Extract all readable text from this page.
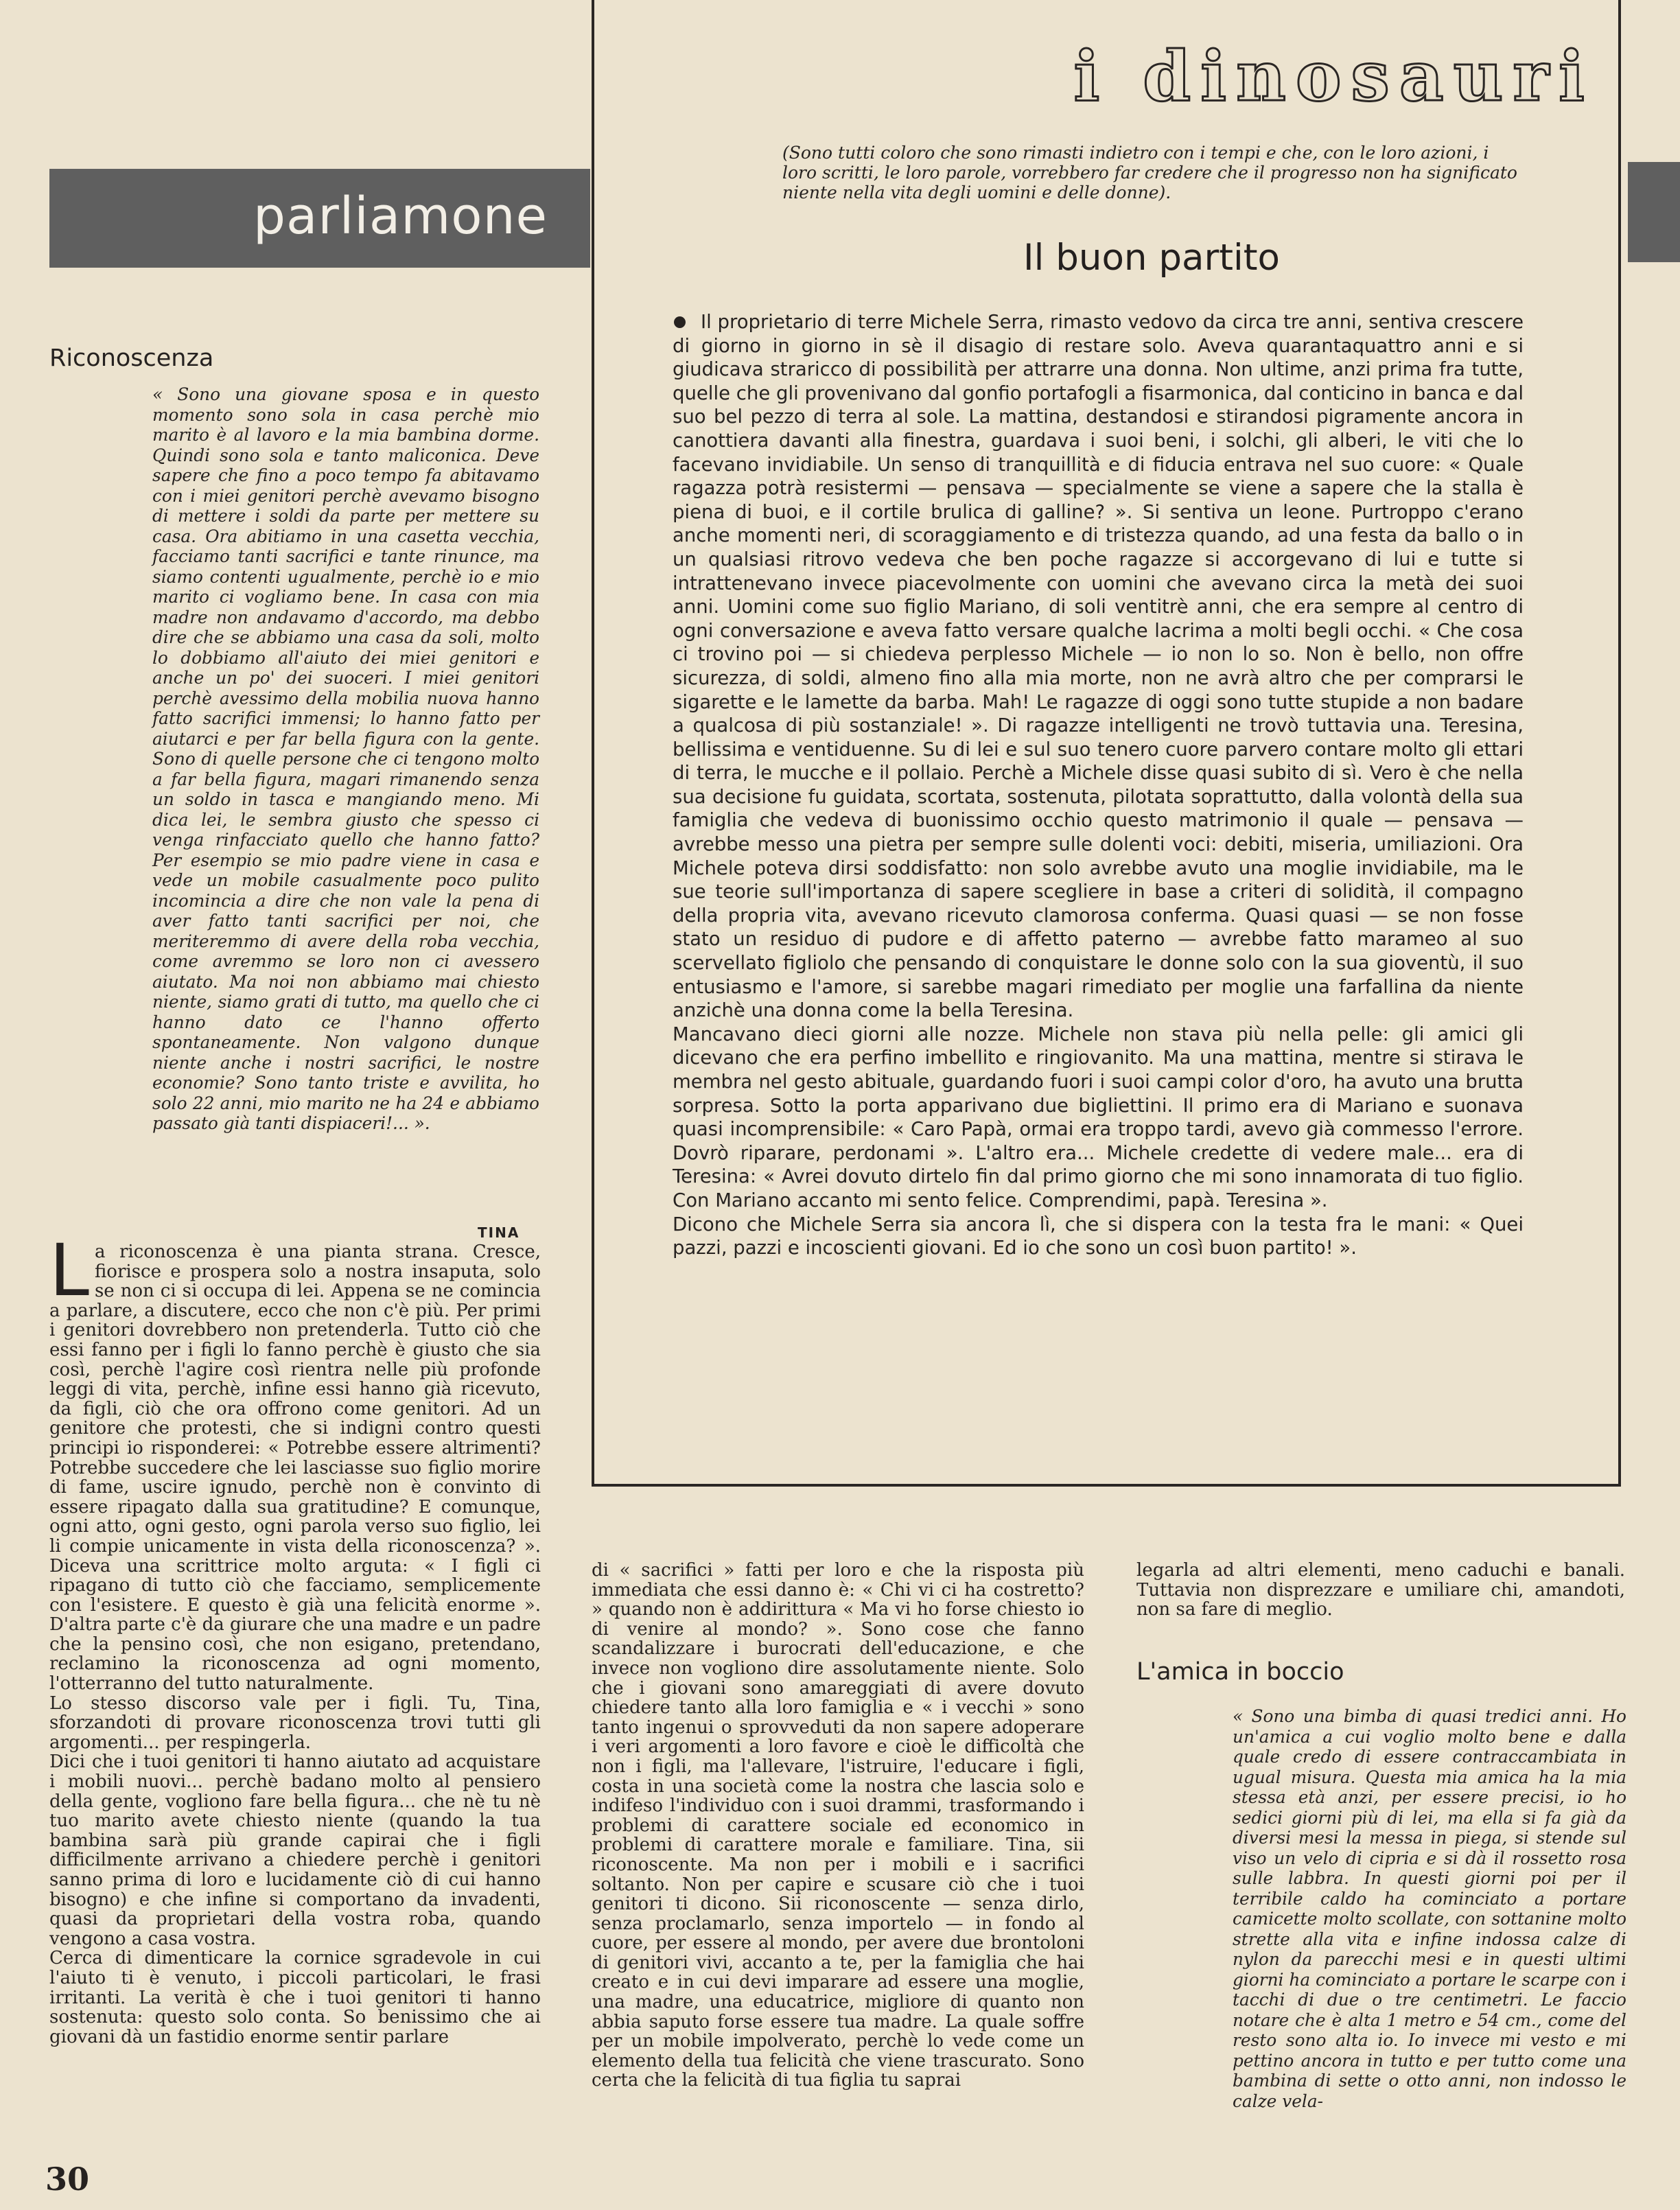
parliamone
i dinosauri
(Sono tutti coloro che sono rimasti indietro con i tempi e che, con le loro azioni, i loro scritti, le loro parole, vorrebbero far credere che il progresso non ha significato niente nella vita degli uomini e delle donne).
Il buon partito

Il proprietario di terre Michele Serra, rimasto vedovo da circa tre anni, sentiva crescere di giorno in giorno in sè il disagio di restare solo. Aveva quarantaquattro anni e si giudicava straricco di possibilità per attrarre una donna. Non ultime, anzi prima fra tutte, quelle che gli provenivano dal gonfio portafogli a fisarmonica, dal conticino in banca e dal suo bel pezzo di terra al sole. La mattina, destandosi e stirandosi pigramente ancora in canottiera davanti alla finestra, guardava i suoi beni, i solchi, gli alberi, le viti che lo facevano invidiabile. Un senso di tranquillità e di fiducia entrava nel suo cuore: « Quale ragazza potrà resistermi — pensava — specialmente se viene a sapere che la stalla è piena di buoi, e il cortile brulica di galline? ». Si sentiva un leone. Purtroppo c'erano anche momenti neri, di scoraggiamento e di tristezza quando, ad una festa da ballo o in un qualsiasi ritrovo vedeva che ben poche ragazze si accorgevano di lui e tutte si intrattenevano invece piacevolmente con uomini che avevano circa la metà dei suoi anni. Uomini come suo figlio Mariano, di soli ventitrè anni, che era sempre al centro di ogni conversazione e aveva fatto versare qualche lacrima a molti begli occhi. « Che cosa ci trovino poi — si chiedeva perplesso Michele — io non lo so. Non è bello, non offre sicurezza, di soldi, almeno fino alla mia morte, non ne avrà altro che per comprarsi le sigarette e le lamette da barba. Mah! Le ragazze di oggi sono tutte stupide a non badare a qualcosa di più sostanziale! ». Di ragazze intelligenti ne trovò tuttavia una. Teresina, bellissima e ventiduenne. Su di lei e sul suo tenero cuore parvero contare molto gli ettari di terra, le mucche e il pollaio. Perchè a Michele disse quasi subito di sì. Vero è che nella sua decisione fu guidata, scortata, sostenuta, pilotata soprattutto, dalla volontà della sua famiglia che vedeva di buonissimo occhio questo matrimonio il quale — pensava — avrebbe messo una pietra per sempre sulle dolenti voci: debiti, miseria, umiliazioni. Ora Michele poteva dirsi soddisfatto: non solo avrebbe avuto una moglie invidiabile, ma le sue teorie sull'importanza di sapere scegliere in base a criteri di solidità, il compagno della propria vita, avevano ricevuto clamorosa conferma. Quasi quasi — se non fosse stato un residuo di pudore e di affetto paterno — avrebbe fatto marameo al suo scervellato figliolo che pensando di conquistare le donne solo con la sua gioventù, il suo entusiasmo e l'amore, si sarebbe magari rimediato per moglie una farfallina da niente anzichè una donna come la bella Teresina.

Mancavano dieci giorni alle nozze. Michele non stava più nella pelle: gli amici gli dicevano che era perfino imbellito e ringiovanito. Ma una mattina, mentre si stirava le membra nel gesto abituale, guardando fuori i suoi campi color d'oro, ha avuto una brutta sorpresa. Sotto la porta apparivano due bigliettini. Il primo era di Mariano e suonava quasi incomprensibile: « Caro Papà, ormai era troppo tardi, avevo già commesso l'errore. Dovrò riparare, perdonami ». L'altro era... Michele credette di vedere male... era di Teresina: « Avrei dovuto dirtelo fin dal primo giorno che mi sono innamorata di tuo figlio. Con Mariano accanto mi sento felice. Comprendimi, papà. Teresina ».

Dicono che Michele Serra sia ancora lì, che si dispera con la testa fra le mani: « Quei pazzi, pazzi e incoscienti giovani. Ed io che sono un così buon partito! ».

Riconoscenza

« Sono una giovane sposa e in questo momento sono sola in casa perchè mio marito è al lavoro e la mia bambina dorme. Quindi sono sola e tanto maliconica. Deve sapere che fino a poco tempo fa abitavamo con i miei genitori perchè avevamo bisogno di mettere i soldi da parte per mettere su casa. Ora abitiamo in una casetta vecchia, facciamo tanti sacrifici e tante rinunce, ma siamo contenti ugualmente, perchè io e mio marito ci vogliamo bene. In casa con mia madre non andavamo d'accordo, ma debbo dire che se abbiamo una casa da soli, molto lo dobbiamo all'aiuto dei miei genitori e anche un po' dei suoceri. I miei genitori perchè avessimo della mobilia nuova hanno fatto sacrifici immensi; lo hanno fatto per aiutarci e per far bella figura con la gente. Sono di quelle persone che ci tengono molto a far bella figura, magari rimanendo senza un soldo in tasca e mangiando meno. Mi dica lei, le sembra giusto che spesso ci venga rinfacciato quello che hanno fatto? Per esempio se mio padre viene in casa e vede un mobile casualmente poco pulito incomincia a dire che non vale la pena di aver fatto tanti sacrifici per noi, che meriteremmo di avere della roba vecchia, come avremmo se loro non ci avessero aiutato. Ma noi non abbiamo mai chiesto niente, siamo grati di tutto, ma quello che ci hanno dato ce l'hanno offerto spontaneamente. Non valgono dunque niente anche i nostri sacrifici, le nostre economie? Sono tanto triste e avvilita, ho solo 22 anni, mio marito ne ha 24 e abbiamo passato già tanti dispiaceri!... ».

TINA

La riconoscenza è una pianta strana. Cresce, fiorisce e prospera solo a nostra insaputa, solo se non ci si occupa di lei. Appena se ne comincia a parlare, a discutere, ecco che non c'è più. Per primi i genitori dovrebbero non pretenderla. Tutto ciò che essi fanno per i figli lo fanno perchè è giusto che sia così, perchè l'agire così rientra nelle più profonde leggi di vita, perchè, infine essi hanno già ricevuto, da figli, ciò che ora offrono come genitori. Ad un genitore che protesti, che si indigni contro questi principi io risponderei: « Potrebbe essere altrimenti? Potrebbe succedere che lei lasciasse suo figlio morire di fame, uscire ignudo, perchè non è convinto di essere ripagato dalla sua gratitudine? E comunque, ogni atto, ogni gesto, ogni parola verso suo figlio, lei li compie unicamente in vista della riconoscenza? ». Diceva una scrittrice molto arguta: « I figli ci ripagano di tutto ciò che facciamo, semplicemente con l'esistere. E questo è già una felicità enorme ». D'altra parte c'è da giurare che una madre e un padre che la pensino così, che non esigano, pretendano, reclamino la riconoscenza ad ogni momento, l'otterranno del tutto naturalmente.

Lo stesso discorso vale per i figli. Tu, Tina, sforzandoti di provare riconoscenza trovi tutti gli argomenti... per respingerla.

Dici che i tuoi genitori ti hanno aiutato ad acquistare i mobili nuovi... perchè badano molto al pensiero della gente, vogliono fare bella figura... che nè tu nè tuo marito avete chiesto niente (quando la tua bambina sarà più grande capirai che i figli difficilmente arrivano a chiedere perchè i genitori sanno prima di loro e lucidamente ciò di cui hanno bisogno) e che infine si comportano da invadenti, quasi da proprietari della vostra roba, quando vengono a casa vostra.

Cerca di dimenticare la cornice sgradevole in cui l'aiuto ti è venuto, i piccoli particolari, le frasi irritanti. La verità è che i tuoi genitori ti hanno sostenuta: questo solo conta. So benissimo che ai giovani dà un fastidio enorme sentir parlare

di « sacrifici » fatti per loro e che la risposta più immediata che essi danno è: « Chi vi ci ha costretto? » quando non è addirittura « Ma vi ho forse chiesto io di venire al mondo? ». Sono cose che fanno scandalizzare i burocrati dell'educazione, e che invece non vogliono dire assolutamente niente. Solo che i giovani sono amareggiati di avere dovuto chiedere tanto alla loro famiglia e « i vecchi » sono tanto ingenui o sprovveduti da non sapere adoperare i veri argomenti a loro favore e cioè le difficoltà che non i figli, ma l'allevare, l'istruire, l'educare i figli, costa in una società come la nostra che lascia solo e indifeso l'individuo con i suoi drammi, trasformando i problemi di carattere sociale ed economico in problemi di carattere morale e familiare. Tina, sii riconoscente. Ma non per i mobili e i sacrifici soltanto. Non per capire e scusare ciò che i tuoi genitori ti dicono. Sii riconoscente — senza dirlo, senza proclamarlo, senza importelo — in fondo al cuore, per essere al mondo, per avere due brontoloni di genitori vivi, accanto a te, per la famiglia che hai creato e in cui devi imparare ad essere una moglie, una madre, una educatrice, migliore di quanto non abbia saputo forse essere tua madre. La quale soffre per un mobile impolverato, perchè lo vede come un elemento della tua felicità che viene trascurato. Sono certa che la felicità di tua figlia tu saprai

legarla ad altri elementi, meno caduchi e banali. Tuttavia non disprezzare e umiliare chi, amandoti, non sa fare di meglio.

L'amica in boccio

« Sono una bimba di quasi tredici anni. Ho un'amica a cui voglio molto bene e dalla quale credo di essere contraccambiata in ugual misura. Questa mia amica ha la mia stessa età anzi, per essere precisi, io ho sedici giorni più di lei, ma ella si fa già da diversi mesi la messa in piega, si stende sul viso un velo di cipria e si dà il rossetto rosa sulle labbra. In questi giorni poi per il terribile caldo ha cominciato a portare camicette molto scollate, con sottanine molto strette alla vita e infine indossa calze di nylon da parecchi mesi e in questi ultimi giorni ha cominciato a portare le scarpe con i tacchi di due o tre centimetri. Le faccio notare che è alta 1 metro e 54 cm., come del resto sono alta io. Io invece mi vesto e mi pettino ancora in tutto e per tutto come una bambina di sette o otto anni, non indosso le calze vela-

30
